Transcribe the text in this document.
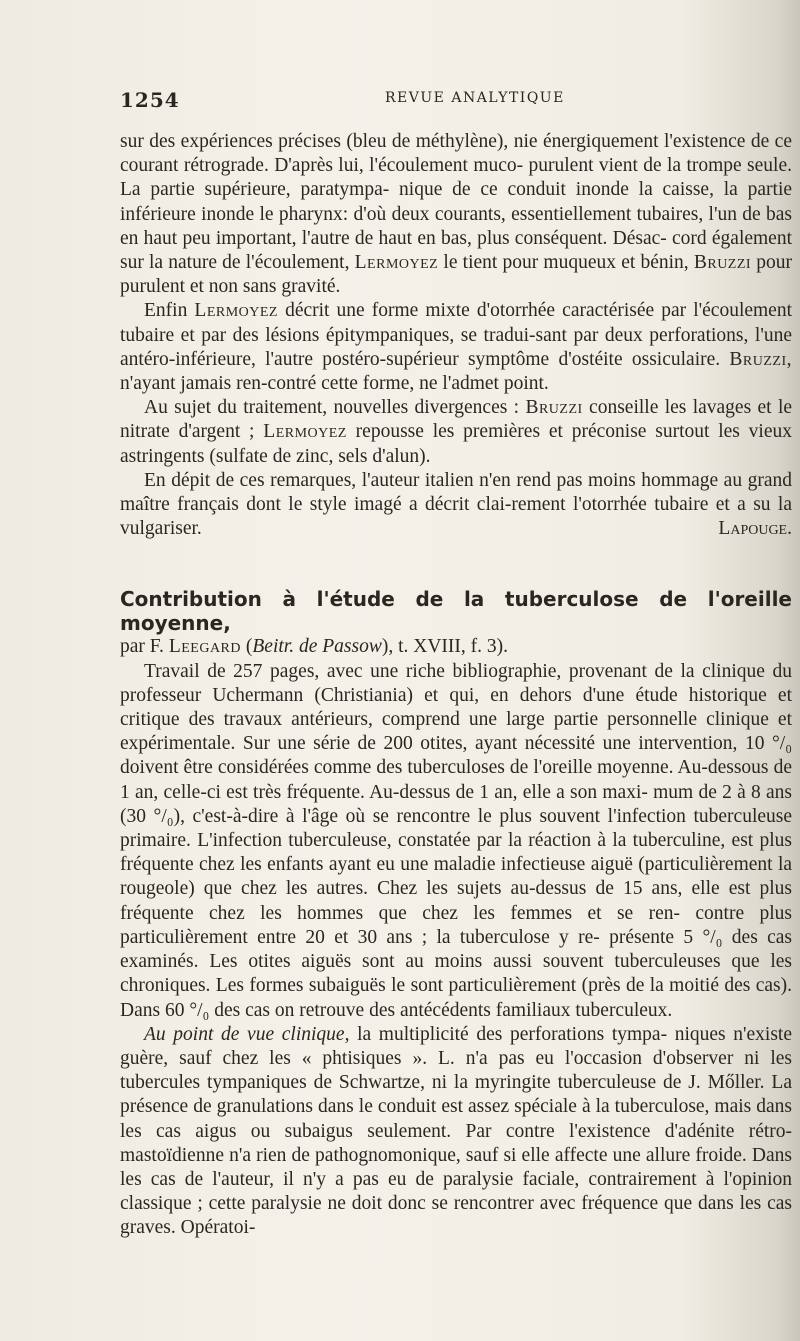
1254	REVUE ANALYTIQUE

sur des expériences précises (bleu de méthylène), nie énergiquement l'existence de ce courant rétrograde. D'après lui, l'écoulement muco- purulent vient de la trompe seule. La partie supérieure, paratympa- nique de ce conduit inonde la caisse, la partie inférieure inonde le pharynx: d'où deux courants, essentiellement tubaires, l'un de bas en haut peu important, l'autre de haut en bas, plus conséquent. Désac- cord également sur la nature de l'écoulement, Lermoyez le tient pour muqueux et bénin, Bruzzi pour purulent et non sans gravité.

Enfin Lermoyez décrit une forme mixte d'otorrhée caractérisée par l'écoulement tubaire et par des lésions épitympaniques, se tradui-sant par deux perforations, l'une antéro-inférieure, l'autre postéro-supérieur symptôme d'ostéite ossiculaire. Bruzzi, n'ayant jamais ren-contré cette forme, ne l'admet point.

Au sujet du traitement, nouvelles divergences : Bruzzi conseille les lavages et le nitrate d'argent ; Lermoyez repousse les premières et préconise surtout les vieux astringents (sulfate de zinc, sels d'alun).

En dépit de ces remarques, l'auteur italien n'en rend pas moins hommage au grand maître français dont le style imagé a décrit clai-rement l'otorrhée tubaire et a su la vulgariser.	Lapouge.

Contribution à l'étude de la tuberculose de l'oreille moyenne,

par F. Leegard (Beitr. de Passow), t. XVIII, f. 3).

Travail de 257 pages, avec une riche bibliographie, provenant de la clinique du professeur Uchermann (Christiania) et qui, en dehors d'une étude historique et critique des travaux antérieurs, comprend une large partie personnelle clinique et expérimentale. Sur une série de 200 otites, ayant nécessité une intervention, 10 °/₀ doivent être considérées comme des tuberculoses de l'oreille moyenne. Au-dessous de 1 an, celle-ci est très fréquente. Au-dessus de 1 an, elle a son maxi- mum de 2 à 8 ans (30 °/₀), c'est-à-dire à l'âge où se rencontre le plus souvent l'infection tuberculeuse primaire. L'infection tuberculeuse, constatée par la réaction à la tuberculine, est plus fréquente chez les enfants ayant eu une maladie infectieuse aiguë (particulièrement la rougeole) que chez les autres. Chez les sujets au-dessus de 15 ans, elle est plus fréquente chez les hommes que chez les femmes et se ren- contre plus particulièrement entre 20 et 30 ans ; la tuberculose y re- présente 5 °/₀ des cas examinés. Les otites aiguës sont au moins aussi souvent tuberculeuses que les chroniques. Les formes subaiguës le sont particulièrement (près de la moitié des cas). Dans 60 °/₀ des cas on retrouve des antécédents familiaux tuberculeux.

Au point de vue clinique, la multiplicité des perforations tympa- niques n'existe guère, sauf chez les « phtisiques ». L. n'a pas eu l'occasion d'observer ni les tubercules tympaniques de Schwartze, ni la myringite tuberculeuse de J. Mőller. La présence de granulations dans le conduit est assez spéciale à la tuberculose, mais dans les cas aigus ou subaigus seulement. Par contre l'existence d'adénite rétro- mastoïdienne n'a rien de pathognomonique, sauf si elle affecte une allure froide. Dans les cas de l'auteur, il n'y a pas eu de paralysie faciale, contrairement à l'opinion classique ; cette paralysie ne doit donc se rencontrer avec fréquence que dans les cas graves. Opératoi-
